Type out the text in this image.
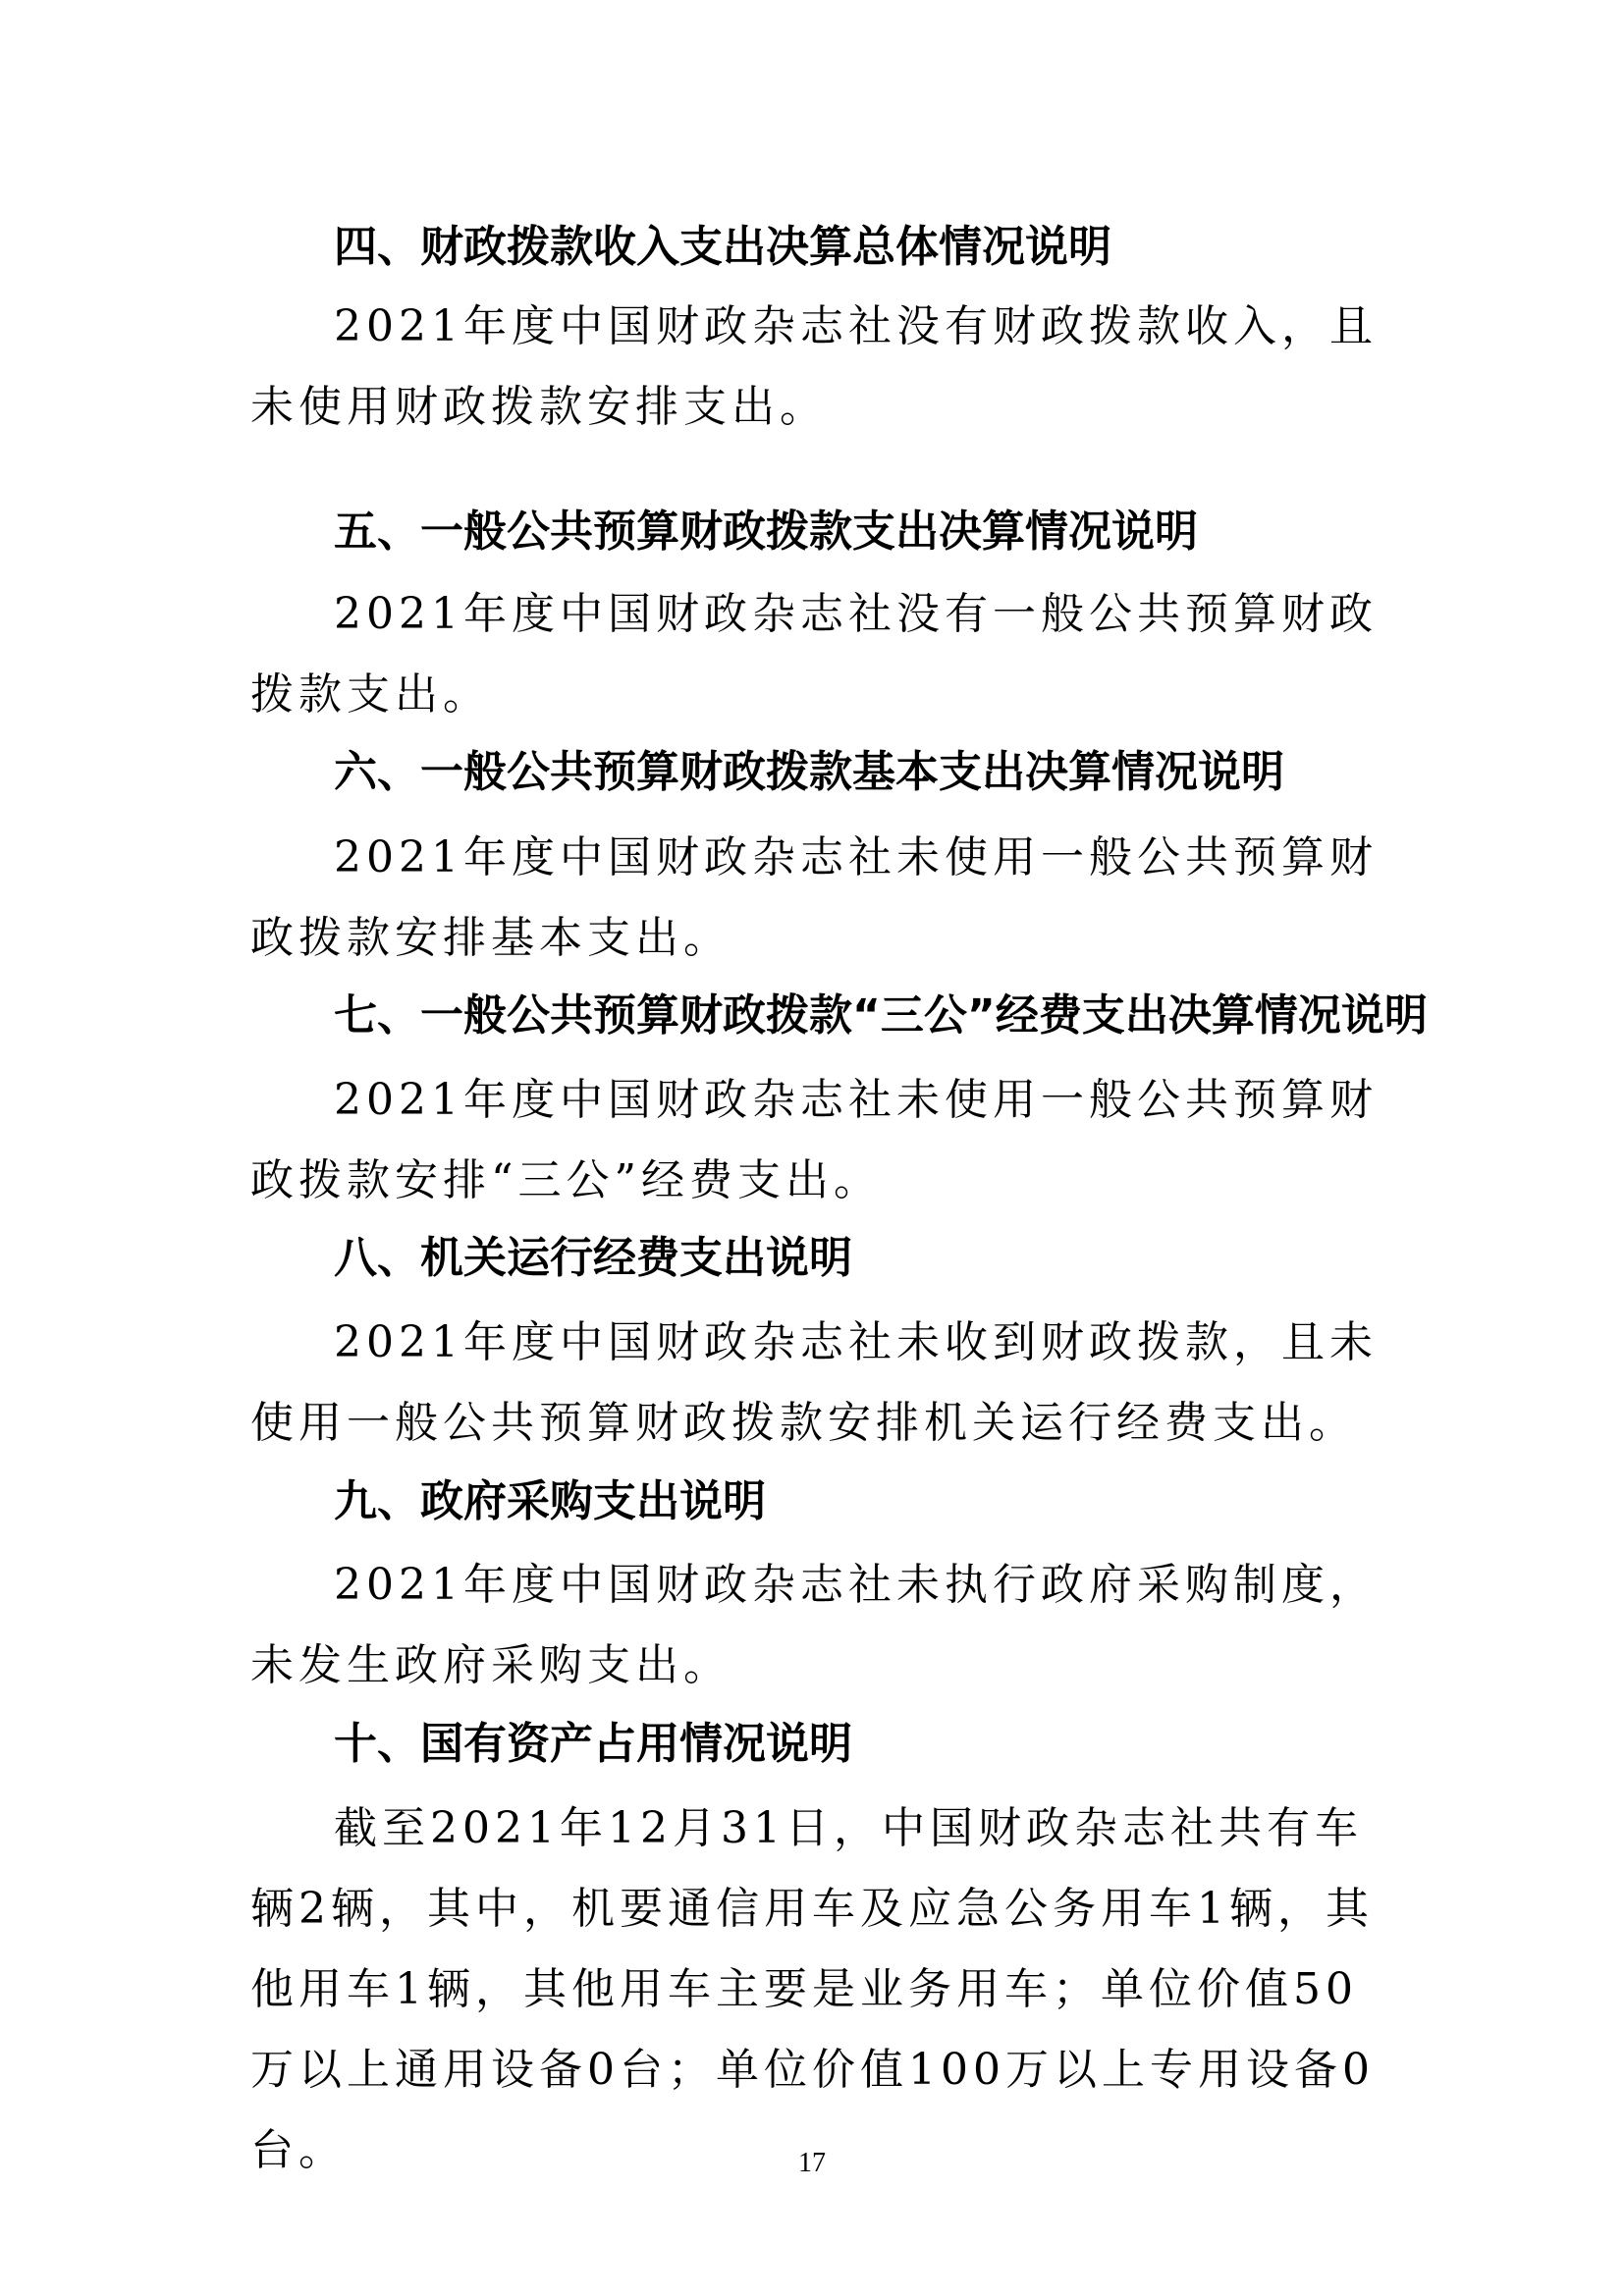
四、财政拨款收入支出决算总体情况说明

2021年度中国财政杂志社没有财政拨款收入，且未使用财政拨款安排支出。

五、一般公共预算财政拨款支出决算情况说明

2021年度中国财政杂志社没有一般公共预算财政拨款支出。

六、一般公共预算财政拨款基本支出决算情况说明

2021年度中国财政杂志社未使用一般公共预算财政拨款安排基本支出。

七、一般公共预算财政拨款“三公”经费支出决算情况说明

2021年度中国财政杂志社未使用一般公共预算财政拨款安排“三公”经费支出。

八、机关运行经费支出说明

2021年度中国财政杂志社未收到财政拨款，且未使用一般公共预算财政拨款安排机关运行经费支出。

九、政府采购支出说明

2021年度中国财政杂志社未执行政府采购制度，未发生政府采购支出。

十、国有资产占用情况说明

截至2021年12月31日，中国财政杂志社共有车辆2辆，其中，机要通信用车及应急公务用车1辆，其他用车1辆，其他用车主要是业务用车；单位价值50万以上通用设备0台；单位价值100万以上专用设备0台。	17
